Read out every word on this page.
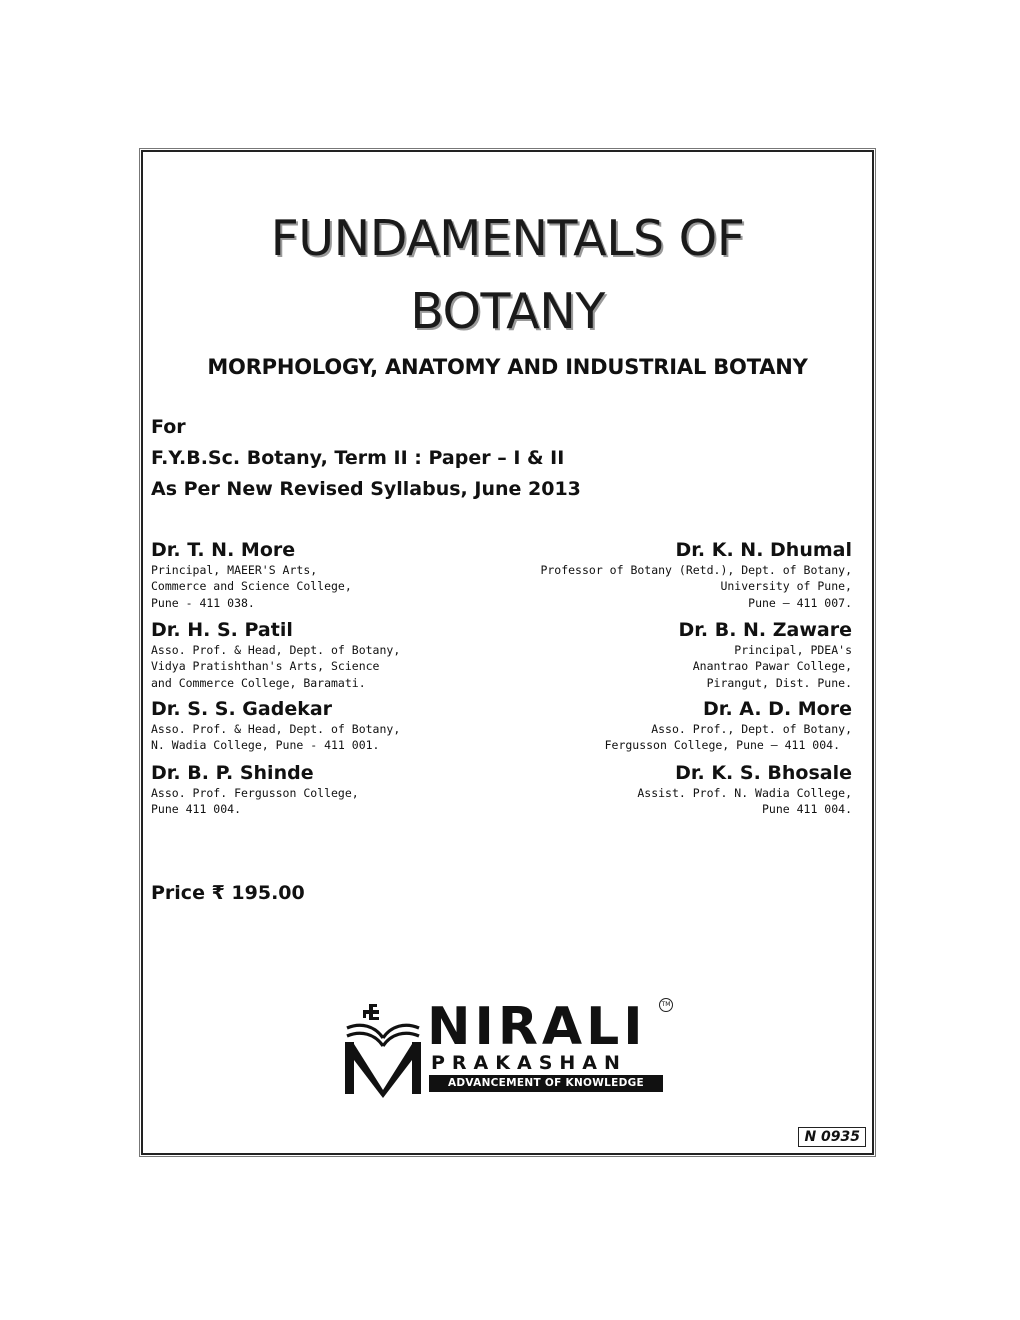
FUNDAMENTALS OF
BOTANY
MORPHOLOGY, ANATOMY AND INDUSTRIAL BOTANY
For
F.Y.B.Sc. Botany, Term II : Paper – I & II
As Per New Revised Syllabus, June 2013
Dr. T. N. More
Principal, MAEER'S Arts,
Commerce and Science College,
Pune - 411 038.
Dr. K. N. Dhumal
Professor of Botany (Retd.), Dept. of Botany,
University of Pune,
Pune – 411 007.
Dr. H. S. Patil
Asso. Prof. & Head, Dept. of Botany,
Vidya Pratishthan's Arts, Science
and Commerce College, Baramati.
Dr. B. N. Zaware
Principal, PDEA's
Anantrao Pawar College,
Pirangut, Dist. Pune.
Dr. S. S. Gadekar
Asso. Prof. & Head, Dept. of Botany,
N. Wadia College, Pune - 411 001.
Dr. A. D. More
Asso. Prof., Dept. of Botany,
Fergusson College, Pune – 411 004.
Dr. B. P. Shinde
Asso. Prof. Fergusson College,
Pune 411 004.
Dr. K. S. Bhosale
Assist. Prof. N. Wadia College,
Pune 411 004.
Price ₹ 195.00
NIRALI
PRAKASHAN
ADVANCEMENT OF KNOWLEDGE
TM
N 0935
